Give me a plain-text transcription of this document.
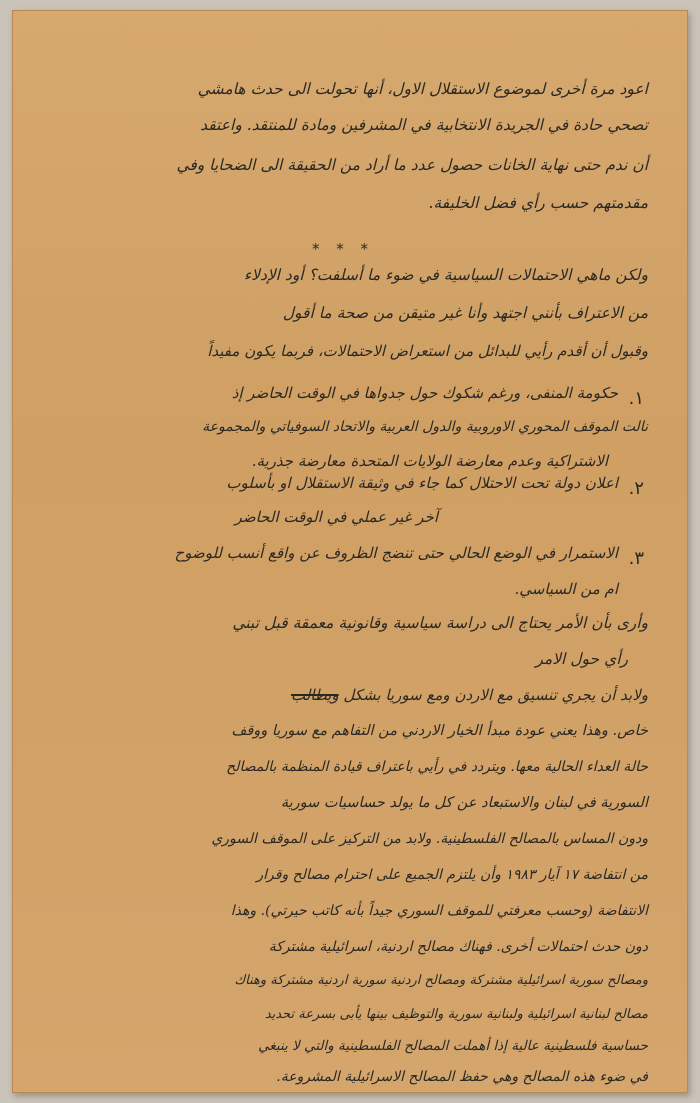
اعود مرة أخرى لموضوع الاستقلال الاول، أنها تحولت الى حدث هامشي
تصحي حادة في الجريدة الانتخابية في المشرفين ومادة للمنتقد. واعتقد
أن ندم حتى نهاية الخانات حصول عدد ما أراد من الحقيقة الى الضحايا وفي
مقدمتهم حسب رأي فضل الخليفة.
* * *
ولكن ماهي الاحتمالات السياسية في ضوء ما أسلفت؟ أود الإدلاء
من الاعتراف بأنني اجتهد وأنا غير متيقن من صحة ما أقول
وقبول أن أقدم رأيي للبدائل من استعراض الاحتمالات، فربما يكون مفيداً
.١
حكومة المنفى، ورغم شكوك حول جدواها في الوقت الحاضر إذ
نالت الموقف المحوري الاوروبية والدول العربية والاتحاد السوفياتي والمجموعة
الاشتراكية وعدم معارضة الولايات المتحدة معارضة جذرية.
.٢
اعلان دولة تحت الاحتلال كما جاء في وثيقة الاستقلال او بأسلوب
آخر غير عملي في الوقت الحاضر
.٣
الاستمرار في الوضع الحالي حتى تنضج الظروف عن واقع أنسب للوضوح
ام من السياسي.
وأرى بأن الأمر يحتاج الى دراسة سياسية وقانونية معمقة قبل تبني
رأي حول الامر
ولابد أن يجري تنسيق مع الاردن ومع سوريا بشكل ويطالب
خاص. وهذا يعني عودة مبدأ الخيار الاردني من التفاهم مع سوريا ووقف
حالة العداء الحالية معها. ويتردد في رأيي باعتراف قيادة المنظمة بالمصالح
السورية في لبنان والاستبعاد عن كل ما يولد حساسيات سورية
ودون المساس بالمصالح الفلسطينية. ولابد من التركيز على الموقف السوري
من انتفاضة ١٧ آيار ١٩٨٣ وأن يلتزم الجميع على احترام مصالح وقرار
الانتفاضة (وحسب معرفتي للموقف السوري جيداً بأنه كاتب حيرتي). وهذا
دون حدث احتمالات أخرى. فهناك مصالح اردنية، اسرائيلية مشتركة
ومصالح سورية اسرائيلية مشتركة ومصالح اردنية سورية اردنية مشتركة وهناك
مصالح لبنانية اسرائيلية ولبنانية سورية والتوظيف بينها يأبى بسرعة تحديد
حساسية فلسطينية عالية إذا أهملت المصالح الفلسطينية والتي لا ينبغي
في ضوء هذه المصالح وهي حفظ المصالح الاسرائيلية المشروعة.
